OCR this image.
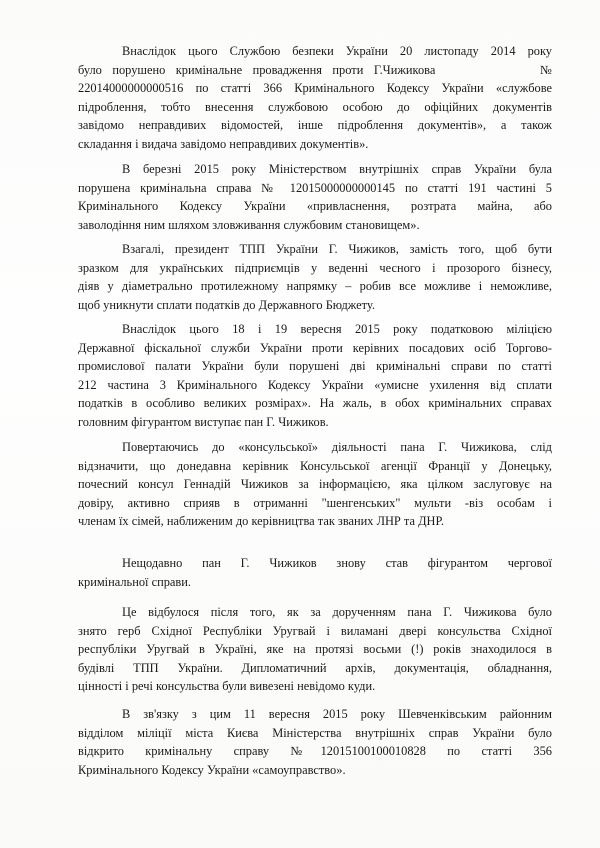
Внаслідок цього Службою безпеки України 20 листопаду 2014 року
було порушено кримінальне провадження проти Г.Чижикова          №
22014000000000516 по статті 366 Кримінального Кодексу України «службове
підроблення, тобто внесення службовою особою до офіційних документів
завідомо неправдивих відомостей, інше підроблення документів», а також
складання і видача завідомо неправдивих документів».
В березні 2015 року Міністерством внутрішніх справ України була
порушена кримінальна справа № 12015000000000145 по статті 191 частині 5
Кримінального Кодексу України «привласнення, розтрата майна, або
заволодіння ним шляхом зловживання службовим становищем».
Взагалі, президент ТПП України Г. Чижиков, замість того, щоб бути
зразком для українських підприємців у веденні чесного і прозорого бізнесу,
діяв у діаметрально протилежному напрямку – робив все можливе і неможливе,
щоб уникнути сплати податків до Державного Бюджету.
Внаслідок цього 18 і 19 вересня 2015 року податковою міліцією
Державної фіскальної служби України проти керівних посадових осіб Торгово-
промислової палати України були порушені дві кримінальні справи по статті
212 частина 3 Кримінального Кодексу України «умисне ухилення від сплати
податків в особливо великих розмірах». На жаль, в обох кримінальних справах
головним фігурантом виступає пан Г. Чижиков.
Повертаючись до «консульської» діяльності пана Г. Чижикова, слід
відзначити, що донедавна керівник Консульської агенції Франції у Донецьку,
почесний консул Геннадій Чижиков за інформацією, яка цілком заслуговує на
довіру, активно сприяв в отриманні "шенгенських" мульти -віз особам і
членам їх сімей, наближеним до керівництва так званих ЛНР та ДНР.
Нещодавно пан Г. Чижиков знову став фігурантом чергової
кримінальної справи.
Це відбулося після того, як за дорученням пана Г. Чижикова було
знято герб Східної Республіки Уругвай і виламані двері консульства Східної
республіки Уругвай в Україні, яке на протязі восьми (!) років знаходилося в
будівлі ТПП України. Дипломатичний архів, документація, обладнання,
цінності і речі консульства були вивезені невідомо куди.
В зв'язку з цим 11 вересня 2015 року Шевченківським районним
відділом міліції міста Києва Міністерства внутрішніх справ України було
відкрито кримінальну справу №12015100100010828 по статті 356
Кримінального Кодексу України «самоуправство».
